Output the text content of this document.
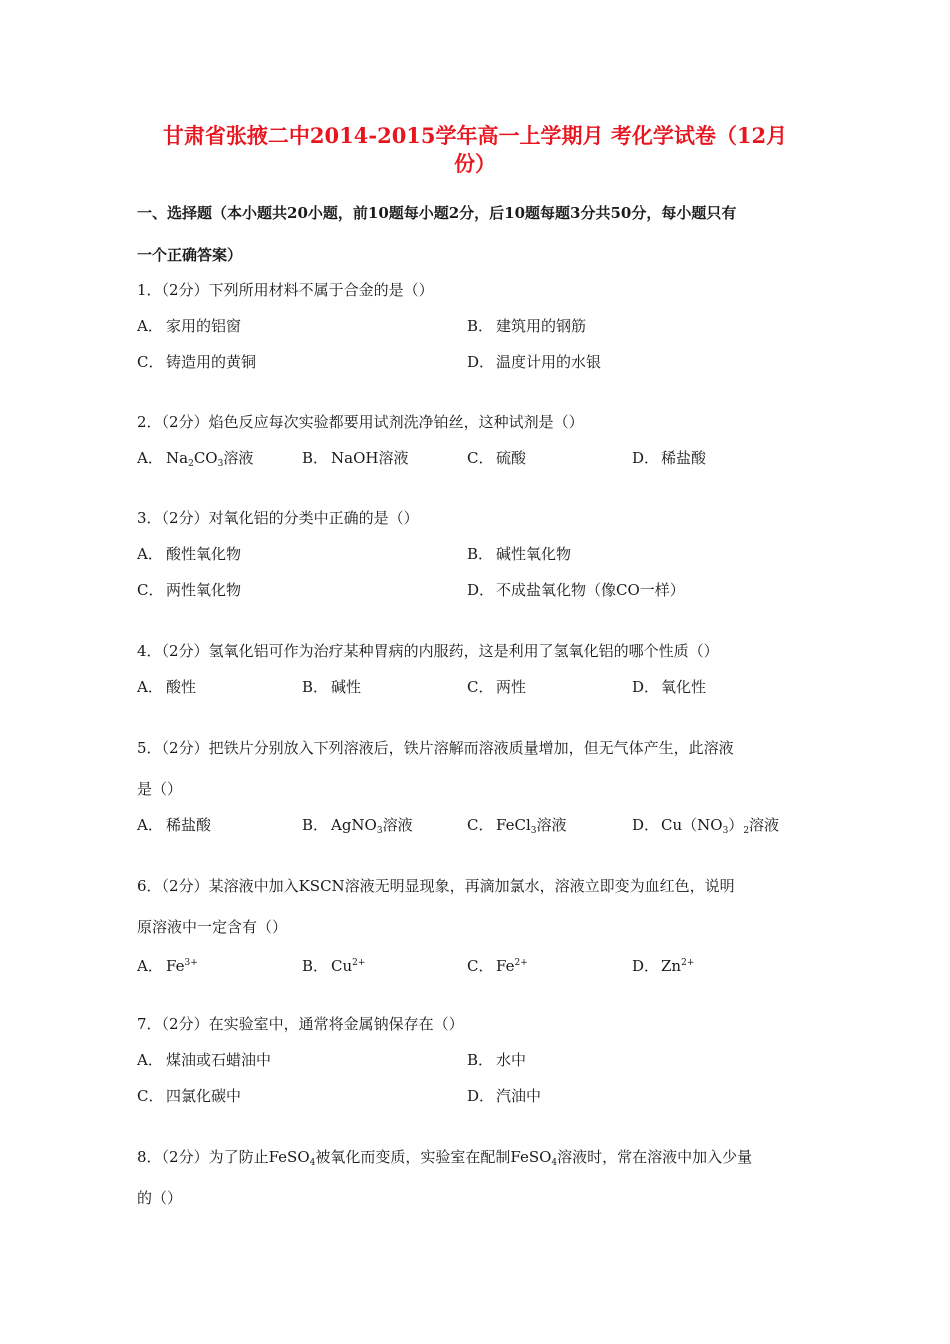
甘肃省张掖二中2014-2015学年高一上学期月 考化学试卷（12月
份）
一、选择题（本小题共20小题，前10题每小题2分，后10题每题3分共50分，每小题只有
一个正确答案）
1．（2分）下列所用材料不属于合金的是（）
A． 家用的铝窗	B． 建筑用的钢筋
C． 铸造用的黄铜	D． 温度计用的水银
2．（2分）焰色反应每次实验都要用试剂洗净铂丝，这种试剂是（）
A． $Na_2CO_3$溶液	B． NaOH溶液	C． 硫酸	D． 稀盐酸
3．（2分）对氧化铝的分类中正确的是（）
A． 酸性氧化物	B． 碱性氧化物
C． 两性氧化物	D． 不成盐氧化物（像CO一样）
4．（2分）氢氧化铝可作为治疗某种胃病的内服药，这是利用了氢氧化铝的哪个性质（）
A． 酸性	B． 碱性	C． 两性	D． 氧化性
5．（2分）把铁片分别放入下列溶液后，铁片溶解而溶液质量增加，但无气体产生，此溶液
是（）
A． 稀盐酸	B． AgNO$_3$溶液	C． FeCl$_3$溶液	D． $Cu(NO_3)_2$溶液
6．（2分）某溶液中加入KSCN溶液无明显现象，再滴加氯水，溶液立即变为血红色，说明
原溶液中一定含有（）
A． $Fe^{3+}$	B． $Cu^{2+}$	C． $Fe^{2+}$	D． $Zn^{2+}$
7．（2分）在实验室中，通常将金属钠保存在（）
A． 煤油或石蜡油中	B． 水中
C． 四氯化碳中	D． 汽油中
8．（2分）为了防止FeSO$_4$被氧化而变质，实验室在配制FeSO$_4$溶液时，常在溶液中加入少量
的（）
